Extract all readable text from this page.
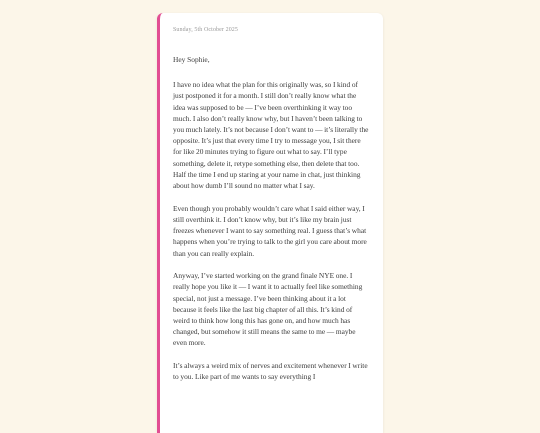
Sunday, 5th October 2025
Hey Sophie,

I have no idea what the plan for this originally was, so I kind of just postponed it for a month. I still don’t really know what the idea was supposed to be — I’ve been overthinking it way too much. I also don’t really know why, but I haven’t been talking to you much lately. It’s not because I don’t want to — it’s literally the opposite. It’s just that every time I try to message you, I sit there for like 20 minutes trying to figure out what to say. I’ll type something, delete it, retype something else, then delete that too. Half the time I end up staring at your name in chat, just thinking about how dumb I’ll sound no matter what I say.

Even though you probably wouldn’t care what I said either way, I still overthink it. I don’t know why, but it’s like my brain just freezes whenever I want to say something real. I guess that’s what happens when you’re trying to talk to the girl you care about more than you can really explain.

Anyway, I’ve started working on the grand finale NYE one. I really hope you like it — I want it to actually feel like something special, not just a message. I’ve been thinking about it a lot because it feels like the last big chapter of all this. It’s kind of weird to think how long this has gone on, and how much has changed, but somehow it still means the same to me — maybe even more.

It’s always a weird mix of nerves and excitement whenever I write to you. Like part of me wants to say everything I
